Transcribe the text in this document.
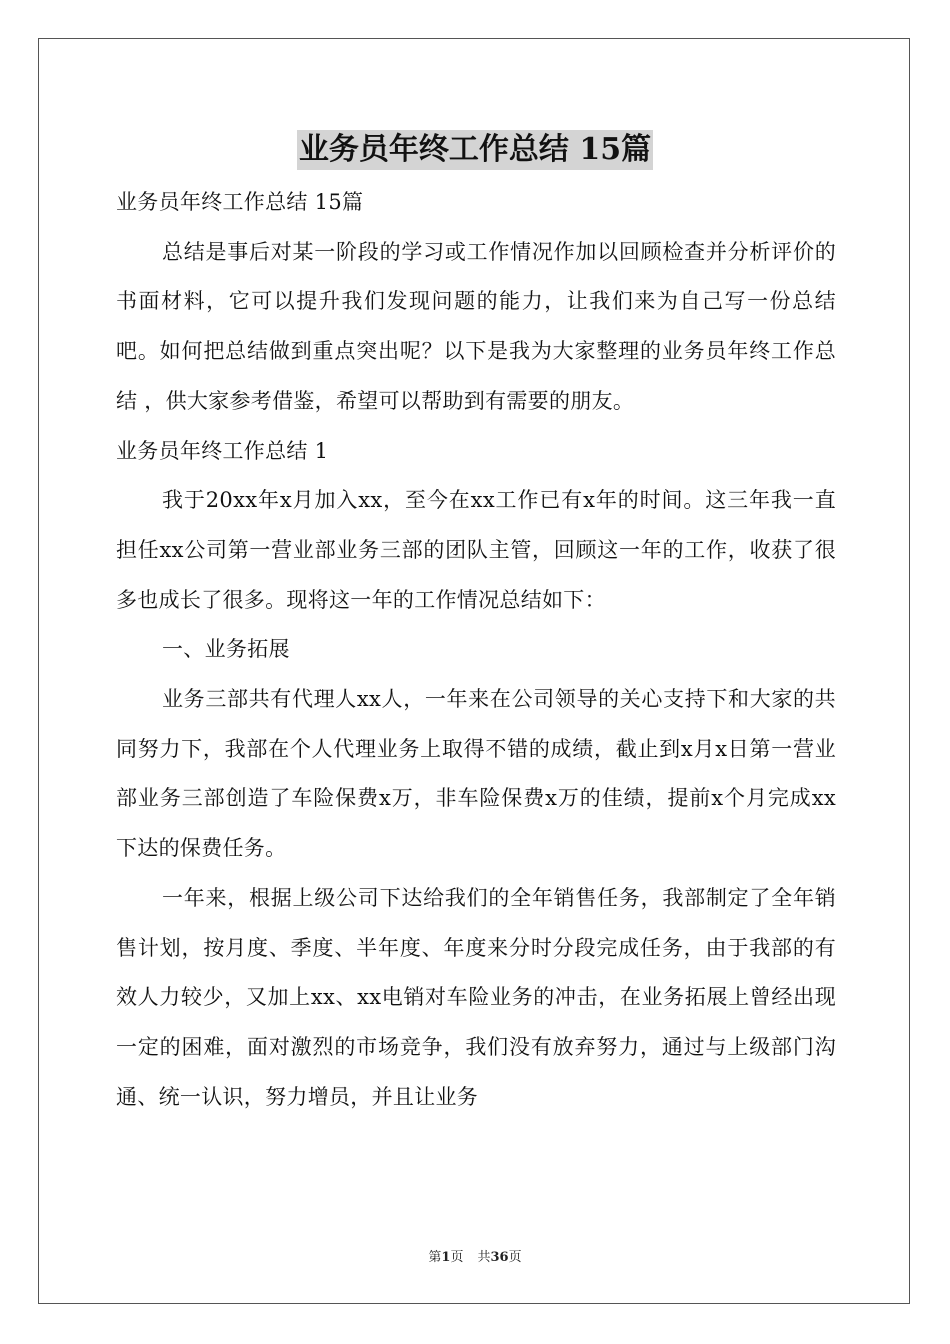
业务员年终工作总结 15篇

业务员年终工作总结 15篇

总结是事后对某一阶段的学习或工作情况作加以回顾检查并分析评价的书面材料，它可以提升我们发现问题的能力，让我们来为自己写一份总结吧。如何把总结做到重点突出呢？以下是我为大家整理的业务员年终工作总结 ，供大家参考借鉴，希望可以帮助到有需要的朋友。

业务员年终工作总结 1

我于20xx年x月加入xx，至今在xx工作已有x年的时间。这三年我一直担任xx公司第一营业部业务三部的团队主管，回顾这一年的工作，收获了很多也成长了很多。现将这一年的工作情况总结如下：

一、业务拓展

业务三部共有代理人xx人，一年来在公司领导的关心支持下和大家的共同努力下，我部在个人代理业务上取得不错的成绩，截止到x月x日第一营业部业务三部创造了车险保费x万，非车险保费x万的佳绩，提前x个月完成xx下达的保费任务。

一年来，根据上级公司下达给我们的全年销售任务，我部制定了全年销售计划，按月度、季度、半年度、年度来分时分段完成任务，由于我部的有效人力较少，又加上xx、xx电销对车险业务的冲击，在业务拓展上曾经出现一定的困难，面对激烈的市场竞争，我们没有放弃努力，通过与上级部门沟通、统一认识，努力增员，并且让业务

第1页 共36页
